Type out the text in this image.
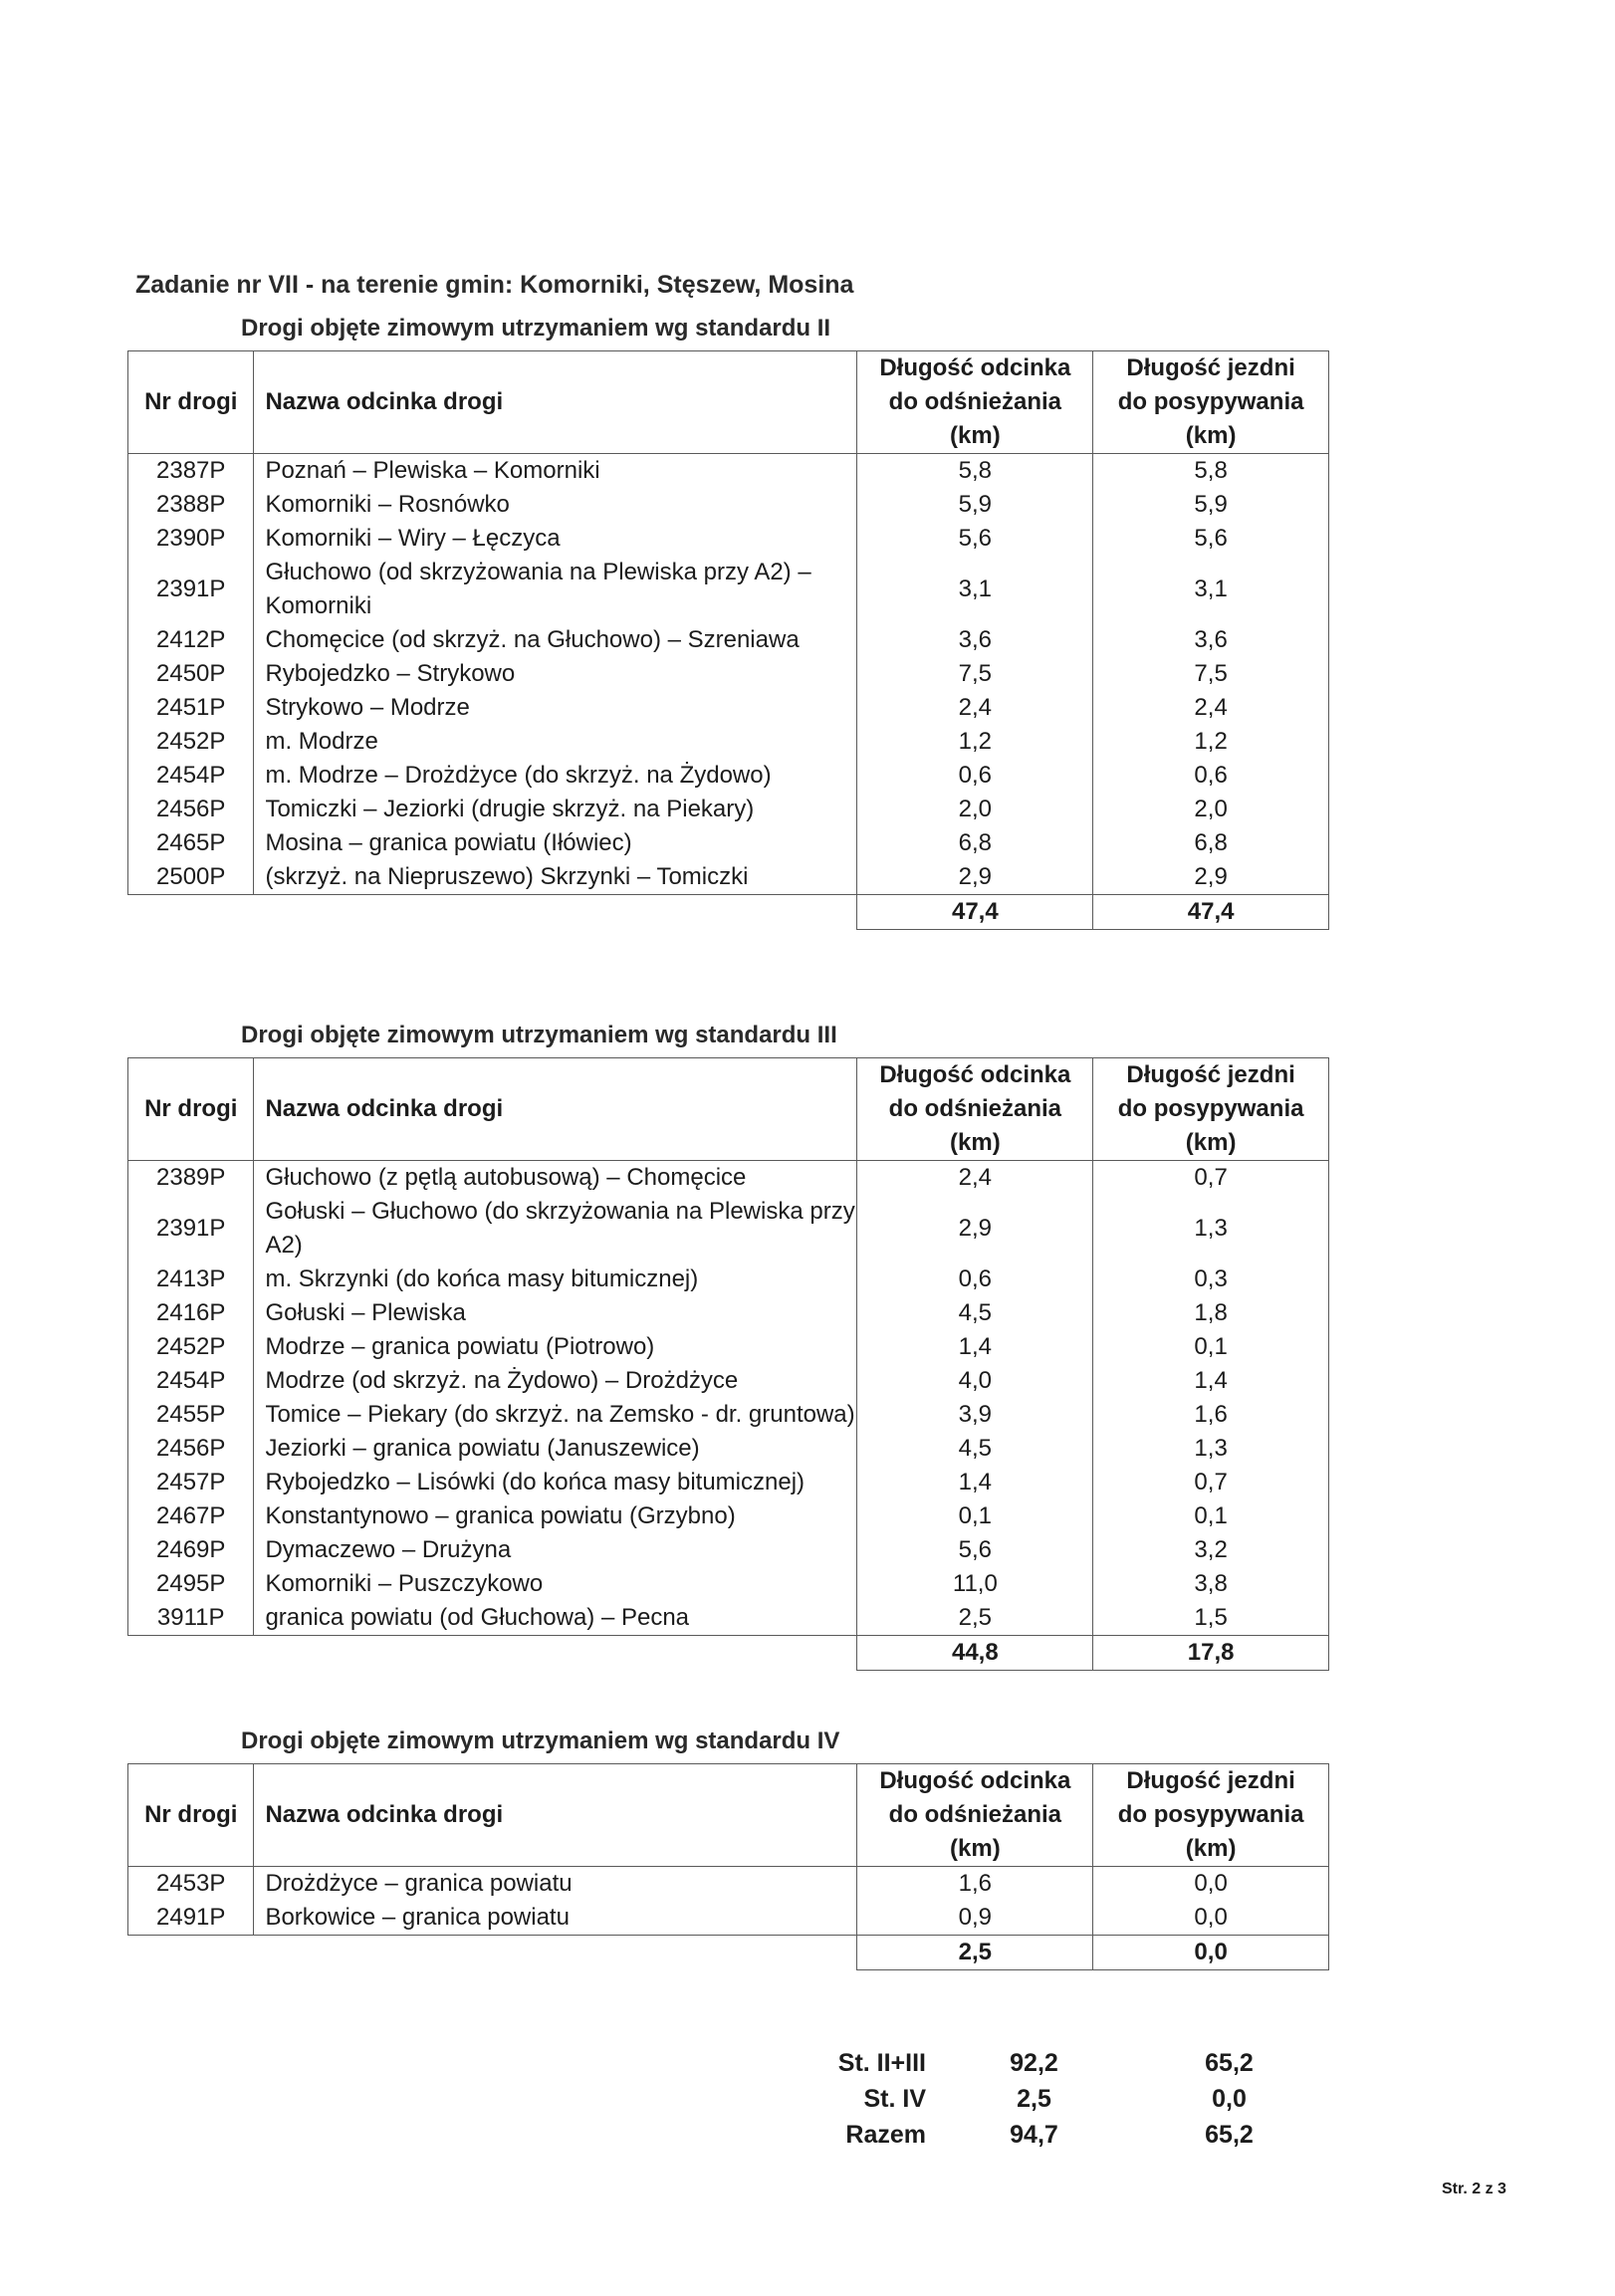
Zadanie nr VII - na terenie gmin: Komorniki, Stęszew, Mosina
Drogi objęte zimowym utrzymaniem wg standardu II
Nr drogi	Nazwa odcinka drogi	Długość odcinka do odśnieżania (km)	Długość jezdni do posypywania (km)
2387P	Poznań – Plewiska – Komorniki	5,8	5,8
2388P	Komorniki – Rosnówko	5,9	5,9
2390P	Komorniki – Wiry – Łęczyca	5,6	5,6
2391P	Głuchowo (od skrzyżowania na Plewiska przy A2) – Komorniki	3,1	3,1
2412P	Chomęcice (od skrzyż. na Głuchowo) – Szreniawa	3,6	3,6
2450P	Rybojedzko – Strykowo	7,5	7,5
2451P	Strykowo – Modrze	2,4	2,4
2452P	m. Modrze	1,2	1,2
2454P	m. Modrze – Drożdżyce (do skrzyż. na Żydowo)	0,6	0,6
2456P	Tomiczki – Jeziorki (drugie skrzyż. na Piekary)	2,0	2,0
2465P	Mosina – granica powiatu (Iłówiec)	6,8	6,8
2500P	(skrzyż. na Niepruszewo) Skrzynki – Tomiczki	2,9	2,9
		47,4	47,4
Drogi objęte zimowym utrzymaniem wg standardu III
Nr drogi	Nazwa odcinka drogi	Długość odcinka do odśnieżania (km)	Długość jezdni do posypywania (km)
2389P	Głuchowo (z pętlą autobusową) – Chomęcice	2,4	0,7
2391P	Gołuski – Głuchowo (do skrzyżowania na Plewiska przy A2)	2,9	1,3
2413P	m. Skrzynki (do końca masy bitumicznej)	0,6	0,3
2416P	Gołuski – Plewiska	4,5	1,8
2452P	Modrze – granica powiatu (Piotrowo)	1,4	0,1
2454P	Modrze (od skrzyż. na Żydowo) – Drożdżyce	4,0	1,4
2455P	Tomice – Piekary (do skrzyż. na Zemsko - dr. gruntowa)	3,9	1,6
2456P	Jeziorki – granica powiatu (Januszewice)	4,5	1,3
2457P	Rybojedzko – Lisówki (do końca masy bitumicznej)	1,4	0,7
2467P	Konstantynowo – granica powiatu (Grzybno)	0,1	0,1
2469P	Dymaczewo – Drużyna	5,6	3,2
2495P	Komorniki – Puszczykowo	11,0	3,8
3911P	granica powiatu (od Głuchowa) – Pecna	2,5	1,5
		44,8	17,8
Drogi objęte zimowym utrzymaniem wg standardu IV
Nr drogi	Nazwa odcinka drogi	Długość odcinka do odśnieżania (km)	Długość jezdni do posypywania (km)
2453P	Drożdżyce – granica powiatu	1,6	0,0
2491P	Borkowice – granica powiatu	0,9	0,0
		2,5	0,0
St. II+III	92,2	65,2
St. IV	2,5	0,0
Razem	94,7	65,2
Str. 2 z 3
